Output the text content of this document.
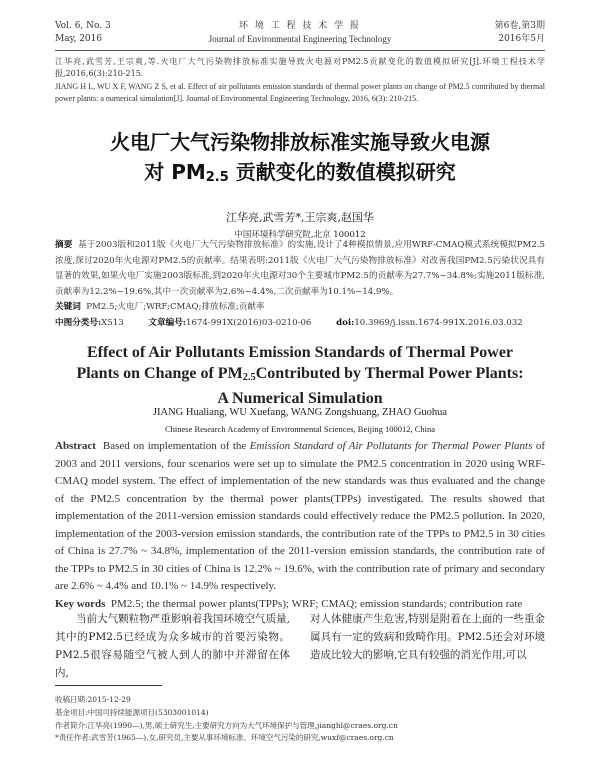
Vol. 6, No. 3
May, 2016
环 境 工 程 技 术 学 报
Journal of Environmental Engineering Technology
第6卷,第3期
2016年5月
江华亮,武雪芳,王宗爽,等.火电厂大气污染物排放标准实施导致火电源对PM2.5贡献变化的数值模拟研究[J].环境工程技术学报,2016,6(3):210-215.
JIANG H L, WU X F, WANG Z S, et al. Effect of air pollutants emission standards of thermal power plants on change of PM2.5 contributed by thermal power plants: a numerical simulation[J]. Journal of Environmental Engineering Technology, 2016, 6(3): 210-215.
火电厂大气污染物排放标准实施导致火电源
对 $PM_{2.5}$ 贡献变化的数值模拟研究
江华亮,武雪芳*,王宗爽,赵国华
中国环境科学研究院,北京 100012
摘要 基于2003版和2011版《火电厂大气污染物排放标准》的实施,设计了4种模拟情景,应用WRF-CMAQ模式系统模拟PM2.5浓度,探讨2020年火电源对PM2.5的贡献率。结果表明:2011版《火电厂大气污染物排放标准》对改善我国PM2.5污染状况具有显著的效果,如果火电厂实施2003版标准,到2020年火电源对30个主要城市PM2.5的贡献率为27.7%~34.8%;实施2011版标准,贡献率为12.2%~19.6%,其中一次贡献率为2.6%~4.4%,二次贡献率为10.1%~14.9%。
关键词 PM2.5;火电厂;WRF;CMAQ;排放标准;贡献率
中图分类号:X513	文章编号:1674-991X(2016)03-0210-06	doi:10.3969/j.issn.1674-991X.2016.03.032
Effect of Air Pollutants Emission Standards of Thermal Power
Plants on Change of $PM_{2.5}Contributed$ by Thermal Power Plants:
A Numerical Simulation
JIANG Hualiang, WU Xuefang, WANG Zongshuang, ZHAO Guohua
Chinese Research Academy of Environmental Sciences, Beijing 100012, China
Abstract Based on implementation of the Emission Standard of Air Pollutants for Thermal Power Plants of 2003 and 2011 versions, four scenarios were set up to simulate the PM2.5 concentration in 2020 using WRF-CMAQ model system. The effect of implementation of the new standards was thus evaluated and the change of the PM2.5 concentration by the thermal power plants(TPPs) investigated. The results showed that implementation of the 2011-version emission standards could effectively reduce the PM2.5 pollution. In 2020, implementation of the 2003-version emission standards, the contribution rate of the TPPs to PM2.5 in 30 cities of China is 27.7% ~ 34.8%, implementation of the 2011-version emission standards, the contribution rate of the TPPs to PM2.5 in 30 cities of China is 12.2% ~ 19.6%, with the contribution rate of primary and secondary are 2.6% ~ 4.4% and 10.1% ~ 14.9% respectively.
Key words PM2.5; the thermal power plants(TPPs); WRF; CMAQ; emission standards; contribution rate
当前大气颗粒物严重影响着我国环境空气质量,其中的PM2.5已经成为众多城市的首要污染物。PM2.5很容易随空气被人到人的肺中并滞留在体内,
对人体健康产生危害,特别是附着在上面的一些重金属具有一定的致病和致畸作用。PM2.5还会对环境造成比较大的影响,它具有较强的消光作用,可以
收稿日期:2015-12-29
基金项目:中国可持续能源项目(5303001014)
作者简介:江华亮(1990—),男,硕士研究生,主要研究方向为大气环境保护与管理,jianghl@craes.org.cn
*责任作者:武雪芳(1965—),女,研究员,主要从事环境标准、环境空气污染的研究,wuxf@craes.org.cn
